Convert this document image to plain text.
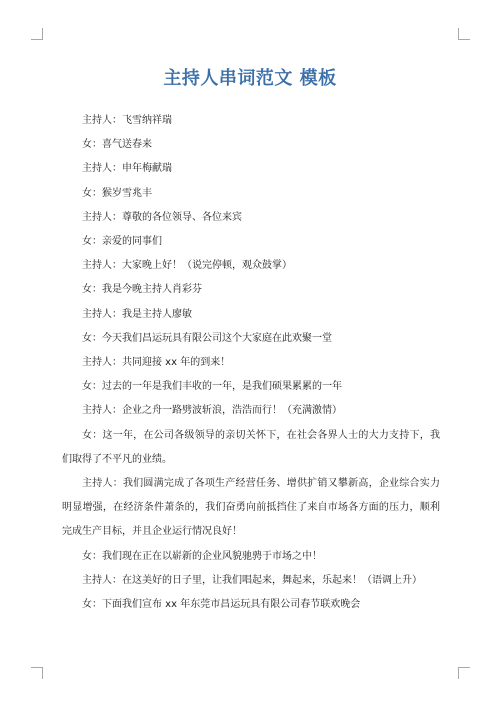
主持人串词范文 模板

主持人：飞雪纳祥瑞

女：喜气送春来

主持人：申年梅献瑞

女：猴岁雪兆丰

主持人：尊敬的各位领导、各位来宾

女：亲爱的同事们

主持人：大家晚上好！（说完停顿，观众鼓掌）

女：我是今晚主持人肖彩芬

主持人：我是主持人廖敏

女：今天我们昌运玩具有限公司这个大家庭在此欢聚一堂

主持人：共同迎接 xx 年的到来！

女：过去的一年是我们丰收的一年，是我们硕果累累的一年

主持人：企业之舟一路劈波斩浪，浩浩而行！（充满激情）

女：这一年，在公司各级领导的亲切关怀下，在社会各界人士的大力支持下，我们取得了不平凡的业绩。

主持人：我们圆满完成了各项生产经营任务、增供扩销又攀新高，企业综合实力明显增强，在经济条件萧条的，我们奋勇向前抵挡住了来自市场各方面的压力，顺利完成生产目标，并且企业运行情况良好！

女：我们现在正在以崭新的企业风貌驰骋于市场之中！

主持人：在这美好的日子里，让我们唱起来，舞起来，乐起来！（语调上升）

女：下面我们宣布 xx 年东莞市昌运玩具有限公司春节联欢晚会
